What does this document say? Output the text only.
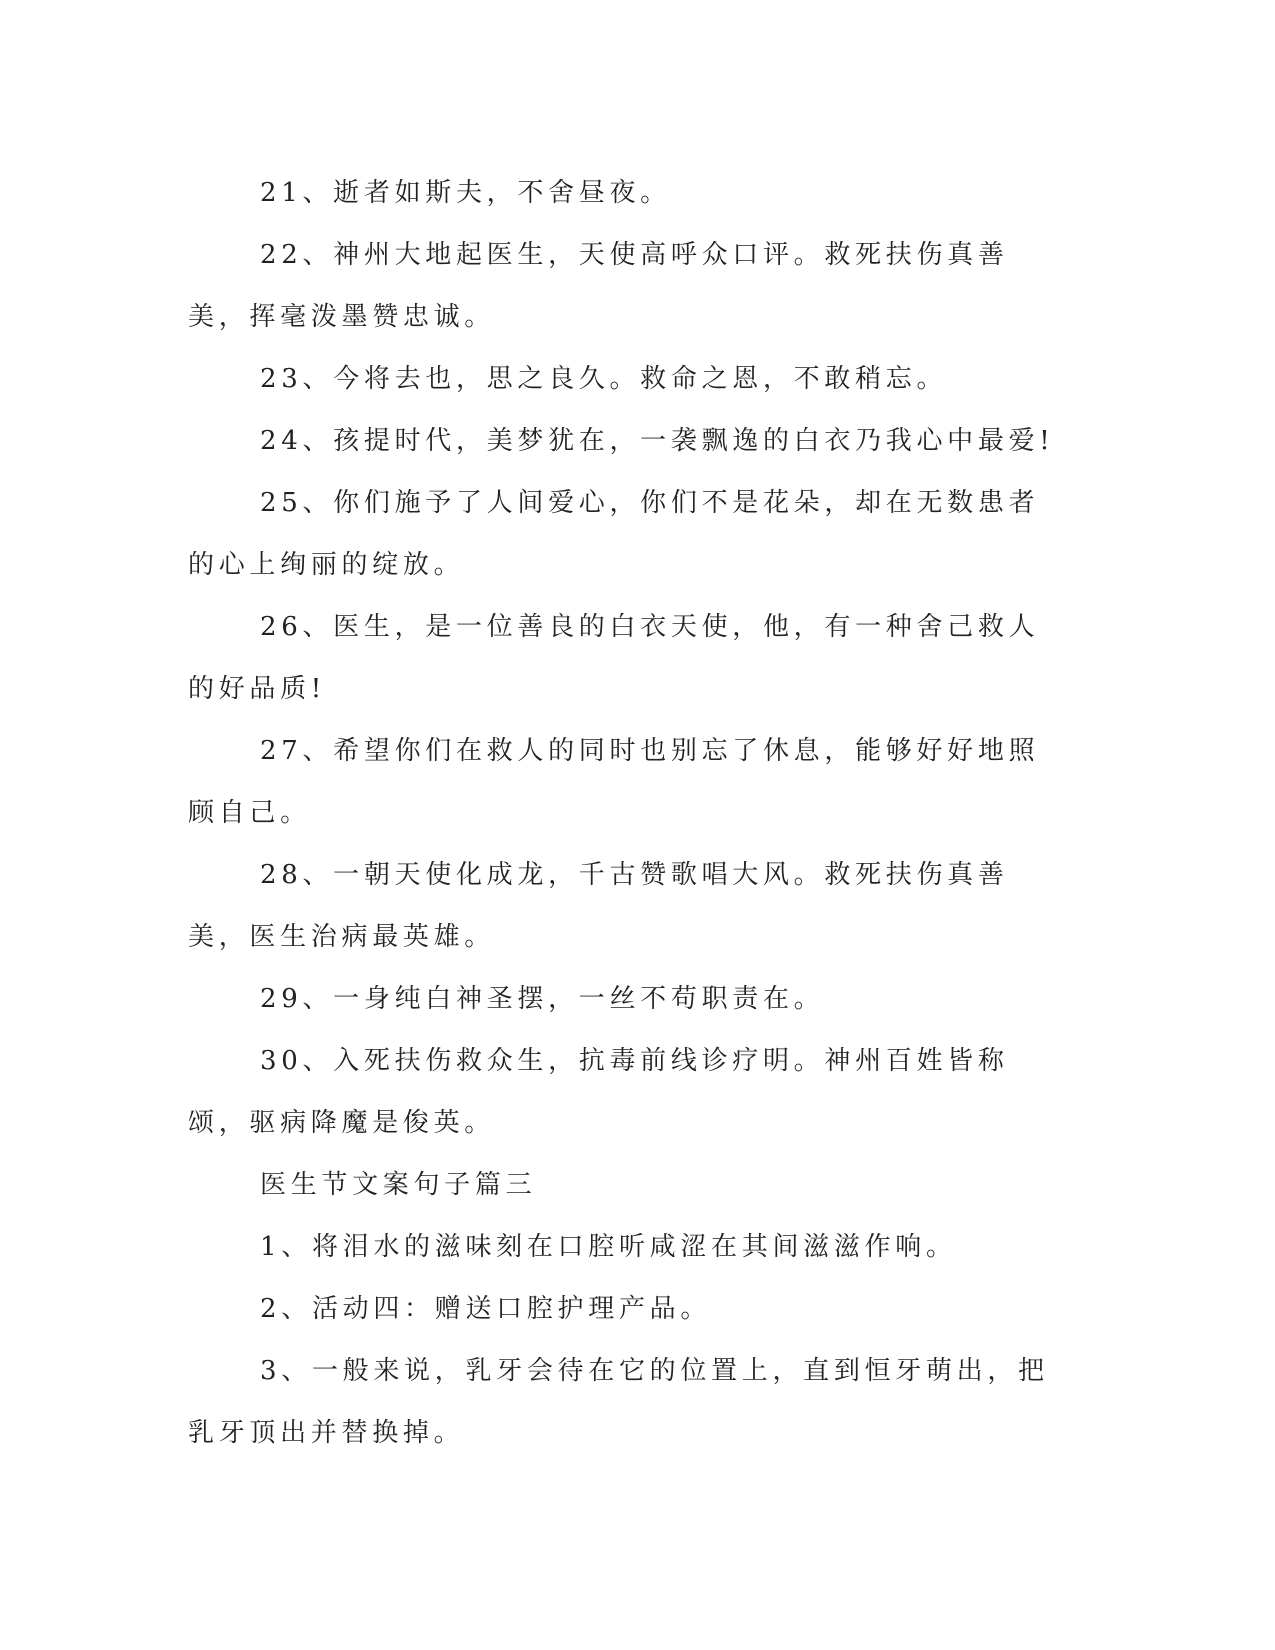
21、逝者如斯夫，不舍昼夜。

22、神州大地起医生，天使高呼众口评。救死扶伤真善美，挥毫泼墨赞忠诚。

23、今将去也，思之良久。救命之恩，不敢稍忘。

24、孩提时代，美梦犹在，一袭飘逸的白衣乃我心中最爱!

25、你们施予了人间爱心，你们不是花朵，却在无数患者的心上绚丽的绽放。

26、医生，是一位善良的白衣天使，他，有一种舍己救人的好品质!

27、希望你们在救人的同时也别忘了休息，能够好好地照顾自己。

28、一朝天使化成龙，千古赞歌唱大风。救死扶伤真善美，医生治病最英雄。

29、一身纯白神圣摆，一丝不苟职责在。

30、入死扶伤救众生，抗毒前线诊疗明。神州百姓皆称颂，驱病降魔是俊英。

医生节文案句子篇三

1、将泪水的滋味刻在口腔听咸涩在其间滋滋作响。

2、活动四：赠送口腔护理产品。

3、一般来说，乳牙会待在它的位置上，直到恒牙萌出，把乳牙顶出并替换掉。
